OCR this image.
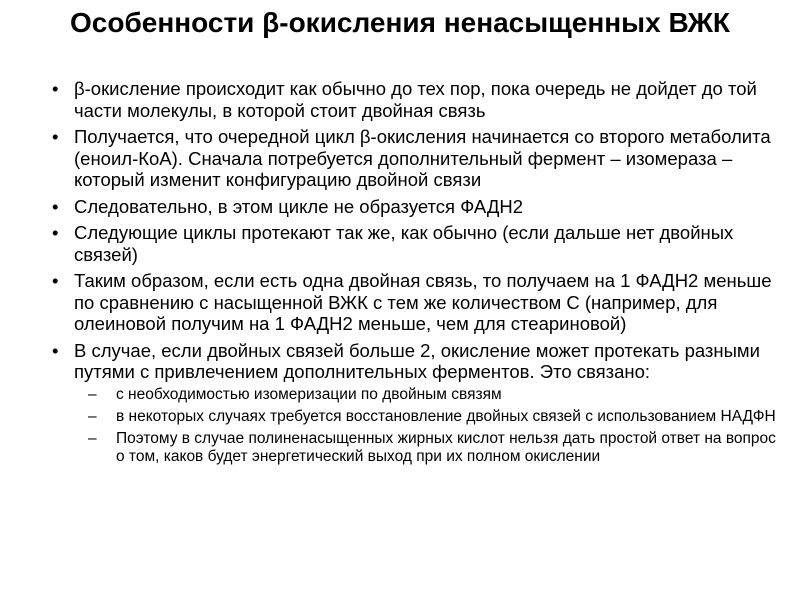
Особенности β-окисления ненасыщенных ВЖК
• β-окисление происходит как обычно до тех пор, пока очередь не дойдет до той части молекулы, в которой стоит двойная связь
• Получается, что очередной цикл β-окисления начинается со второго метаболита (еноил-КоА). Сначала потребуется дополнительный фермент – изомераза – который изменит конфигурацию двойной связи
• Следовательно, в этом цикле не образуется ФАДН2
• Следующие циклы протекают так же, как обычно (если дальше нет двойных связей)
• Таким образом, если есть одна двойная связь, то получаем на 1 ФАДН2 меньше по сравнению с насыщенной ВЖК с тем же количеством С (например, для олеиновой получим на 1 ФАДН2 меньше, чем для стеариновой)
• В случае, если двойных связей больше 2, окисление может протекать разными путями с привлечением дополнительных ферментов. Это связано:
– с необходимостью изомеризации по двойным связям
– в некоторых случаях требуется восстановление двойных связей с использованием НАДФН
– Поэтому в случае полиненасыщенных жирных кислот нельзя дать простой ответ на вопрос о том, каков будет энергетический выход при их полном окислении
